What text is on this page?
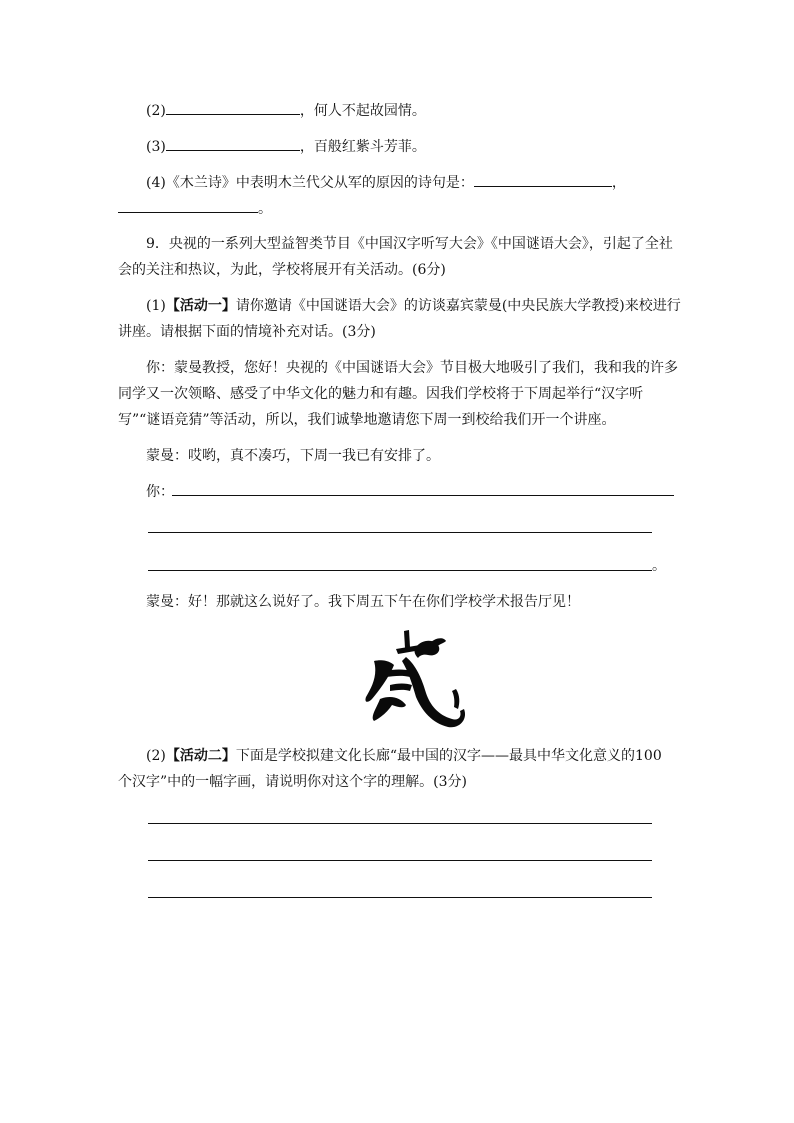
(2)	，何人不起故园情。
(3)	，百般红紫斗芳菲。
(4)《木兰诗》中表明木兰代父从军的原因的诗句是：	，
。
9．央视的一系列大型益智类节目《中国汉字听写大会》《中国谜语大会》，引起了全社
会的关注和热议，为此，学校将展开有关活动。(6分)
(1)【活动一】请你邀请《中国谜语大会》的访谈嘉宾蒙曼(中央民族大学教授)来校进行
讲座。请根据下面的情境补充对话。(3分)
你：蒙曼教授，您好！央视的《中国谜语大会》节目极大地吸引了我们，我和我的许多
同学又一次领略、感受了中华文化的魅力和有趣。因我们学校将于下周起举行“汉字听
写”“谜语竞猜”等活动，所以，我们诚挚地邀请您下周一到校给我们开一个讲座。
蒙曼：哎哟，真不凑巧，下周一我已有安排了。
你：
。
蒙曼：好！那就这么说好了。我下周五下午在你们学校学术报告厅见！
(2)【活动二】下面是学校拟建文化长廊“最中国的汉字——最具中华文化意义的100
个汉字”中的一幅字画，请说明你对这个字的理解。(3分)
